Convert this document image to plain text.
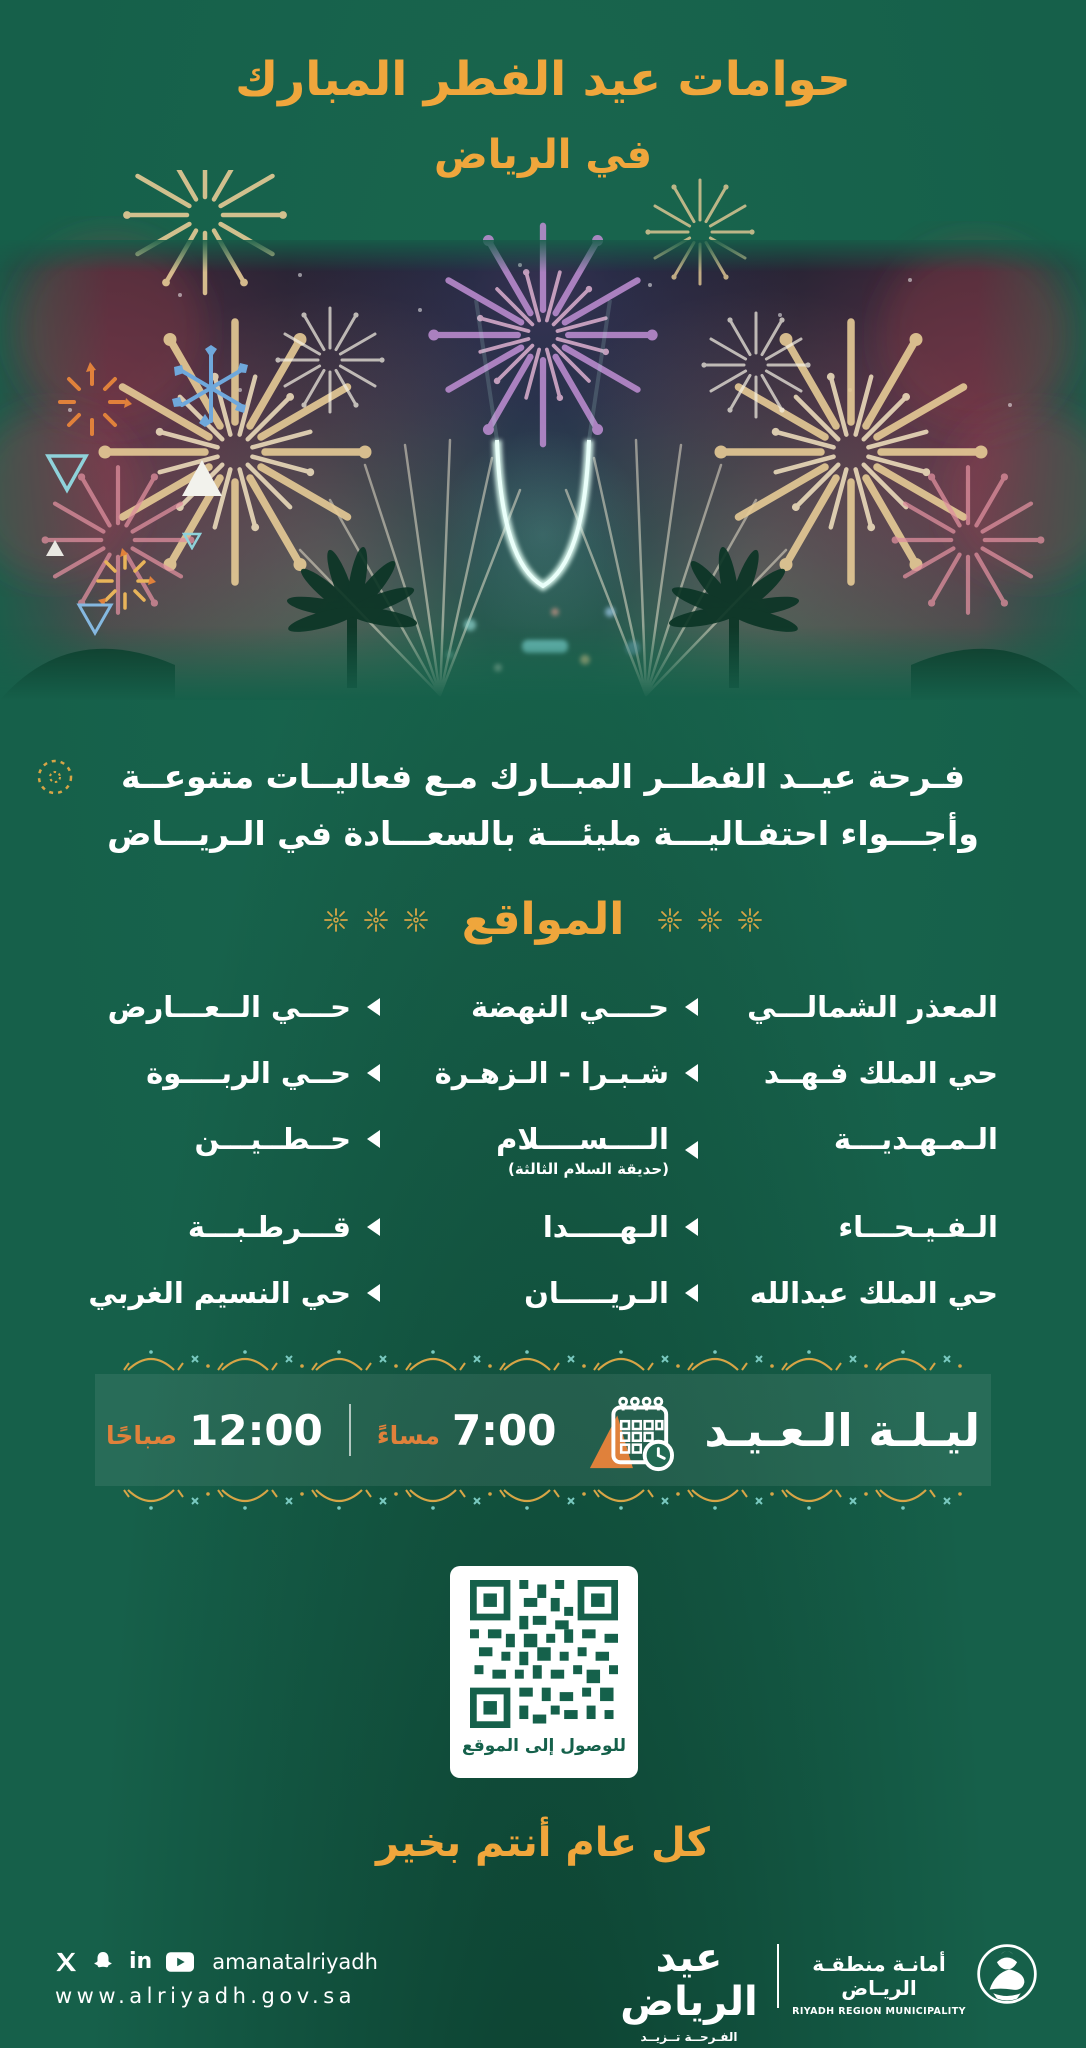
حوامات عيد الفطر المبارك
في الرياض
فـرحة عيــد الفطــر المبــارك مـع فعاليــات متنوعــة
وأجـــواء احتفـاليـــة مليئـــة بالسعـــادة في الـريـــاض
المواقع
المعذر الشمالـــي
حــــي النهضة
حـــي الــعـــارض
حي الملك فـهــد
شـبـرا - الـزهـرة
حــي الربــــوة
الـمـهـديـــة
الــــســــلام
(حديقة السلام الثالثة)
حــطــيـــن
الـفـيـحـــاء
الـهـــــدا
قـــرطـبـــة
حي الملك عبدالله
الـريـــــان
حي النسيم الغربي
ليـلـة الـعـيـد
7:00
مساءً
12:00
صباحًا
للوصول إلى الموقع
كل عام أنتم بخير
in	amanatalriyadh
www.alriyadh.gov.sa
عيد الرياض
الفـرحــة تــزيــد
أمانـة منطقـة الريـاض
RIYADH REGION MUNICIPALITY
